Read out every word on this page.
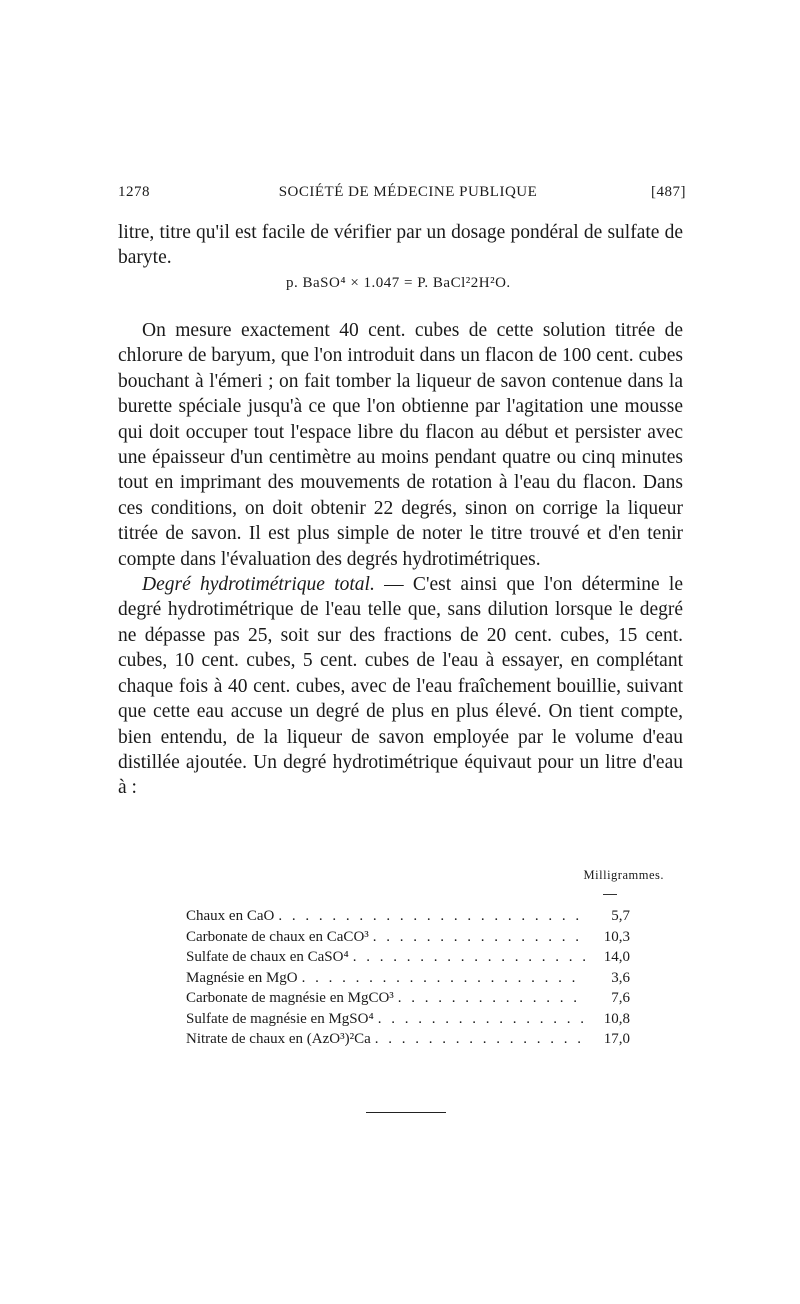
1278	SOCIÉTÉ DE MÉDECINE PUBLIQUE	[487]

litre, titre qu'il est facile de vérifier par un dosage pondéral de sulfate de baryte.

p. BaSO⁴ × 1.047 = P. BaCl²2H²O.

On mesure exactement 40 cent. cubes de cette solution titrée de chlorure de baryum, que l'on introduit dans un flacon de 100 cent. cubes bouchant à l'émeri ; on fait tomber la liqueur de savon contenue dans la burette spéciale jusqu'à ce que l'on obtienne par l'agitation une mousse qui doit occuper tout l'espace libre du flacon au début et persister avec une épaisseur d'un centimètre au moins pendant quatre ou cinq minutes tout en imprimant des mouvements de rotation à l'eau du flacon. Dans ces conditions, on doit obtenir 22 degrés, sinon on corrige la liqueur titrée de savon. Il est plus simple de noter le titre trouvé et d'en tenir compte dans l'évaluation des degrés hydrotimétriques.

Degré hydrotimétrique total. — C'est ainsi que l'on détermine le degré hydrotimétrique de l'eau telle que, sans dilution lorsque le degré ne dépasse pas 25, soit sur des fractions de 20 cent. cubes, 15 cent. cubes, 10 cent. cubes, 5 cent. cubes de l'eau à essayer, en complétant chaque fois à 40 cent. cubes, avec de l'eau fraîchement bouillie, suivant que cette eau accuse un degré de plus en plus élevé. On tient compte, bien entendu, de la liqueur de savon employée par le volume d'eau distillée ajoutée. Un degré hydrotimétrique équivaut pour un litre d'eau à :

Milligrammes.
Chaux en CaO . . .	5,7
Carbonate de chaux en CaCO³ . . .	10,3
Sulfate de chaux en CaSO⁴ . . .	14,0
Magnésie en MgO . . .	3,6
Carbonate de magnésie en MgCO³ . . .	7,6
Sulfate de magnésie en MgSO⁴ . . .	10,8
Nitrate de chaux en (AzO³)²Ca . . .	17,0
